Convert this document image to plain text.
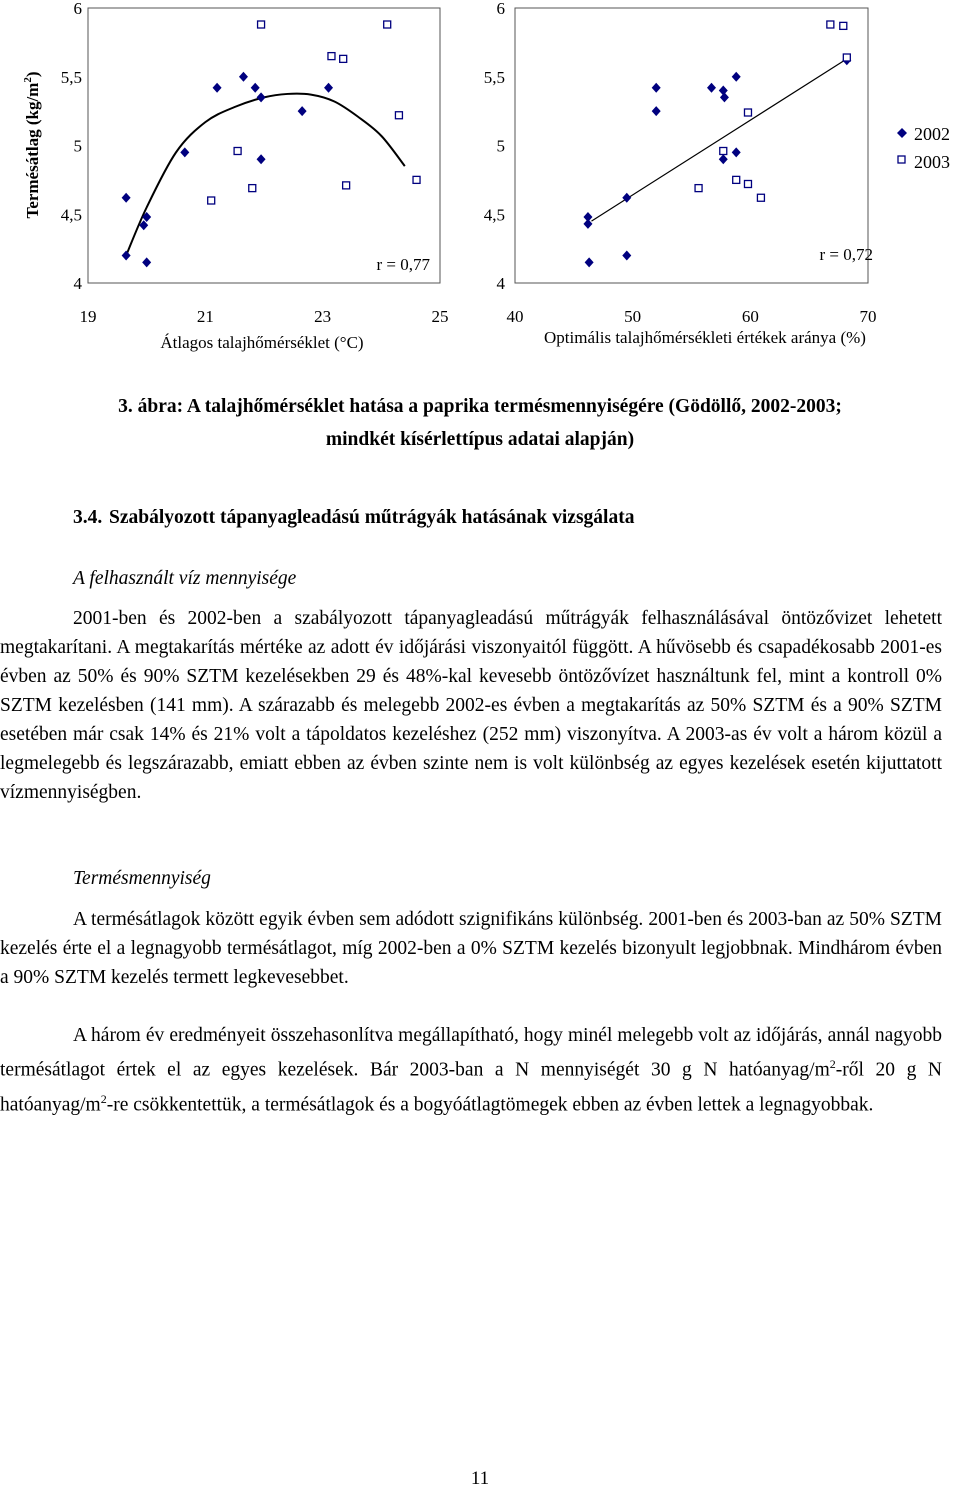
Termésátlag $(kg/m^2)$
4
4,5
5
5,5
6
19	21	23	25
r = 0,77
Átlagos talajhőmérséklet (°C)
4
4,5
5
5,5
6
40	50	60	70
r = 0,72
Optimális talajhőmérsékleti értékek aránya (%)
2002
2003
3. ábra: A talajhőmérséklet hatása a paprika termésmennyiségére (Gödöllő, 2002-2003;
mindkét kísérlettípus adatai alapján)
3.4. Szabályozott tápanyagleadású műtrágyák hatásának vizsgálata
A felhasznált víz mennyisége

2001-ben és 2002-ben a szabályozott tápanyagleadású műtrágyák felhasználásával öntözővizet lehetett megtakarítani. A megtakarítás mértéke az adott év időjárási viszonyaitól függött. A hűvösebb és csapadékosabb 2001-es évben az 50% és 90% SZTM kezelésekben 29 és 48%-kal kevesebb öntözővízet használtunk fel, mint a kontroll 0% SZTM kezelésben (141 mm). A szárazabb és melegebb 2002-es évben a megtakarítás az 50% SZTM és a 90% SZTM esetében már csak 14% és 21% volt a tápoldatos kezeléshez (252 mm) viszonyítva. A 2003-as év volt a három közül a legmelegebb és legszárazabb, emiatt ebben az évben szinte nem is volt különbség az egyes kezelések esetén kijuttatott vízmennyiségben.

Termésmennyiség

A termésátlagok között egyik évben sem adódott szignifikáns különbség. 2001-ben és 2003-ban az 50% SZTM kezelés érte el a legnagyobb termésátlagot, míg 2002-ben a 0% SZTM kezelés bizonyult legjobbnak. Mindhárom évben a 90% SZTM kezelés termett legkevesebbet.

A három év eredményeit összehasonlítva megállapítható, hogy minél melegebb volt az időjárás, annál nagyobb termésátlagot értek el az egyes kezelések. Bár 2003-ban a N mennyiségét 30 g N hatóanyag/$m^2$-ről 20 g N hatóanyag/$m^2-re$ csökkentettük, a termésátlagok és a bogyóátlagtömegek ebben az évben lettek a legnagyobbak.

11
